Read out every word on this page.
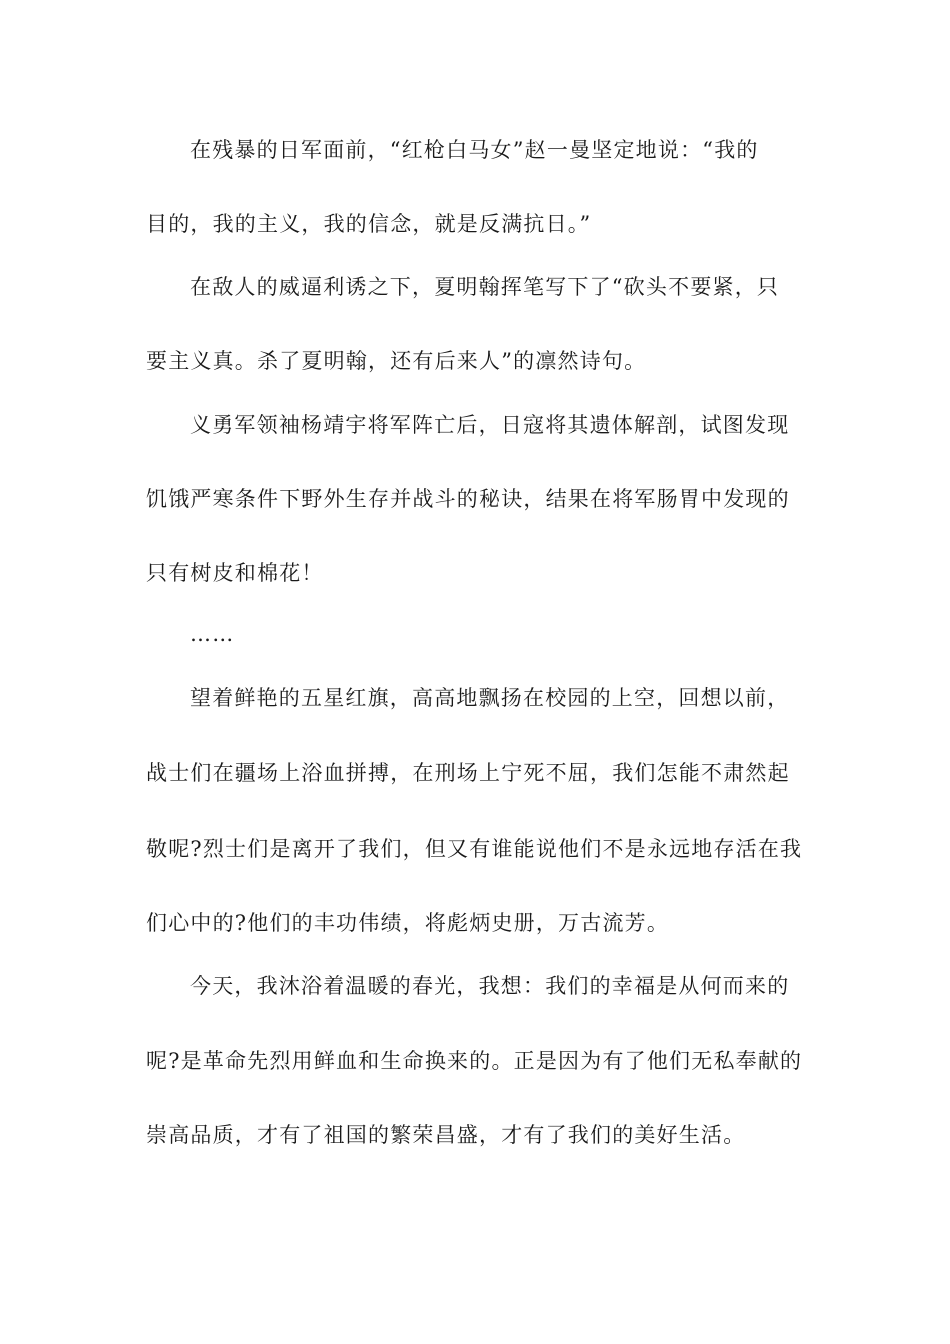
在残暴的日军面前，“红枪白马女”赵一曼坚定地说：“我的
目的，我的主义，我的信念，就是反满抗日。”
在敌人的威逼利诱之下，夏明翰挥笔写下了“砍头不要紧，只
要主义真。杀了夏明翰，还有后来人”的凛然诗句。
义勇军领袖杨靖宇将军阵亡后，日寇将其遗体解剖，试图发现
饥饿严寒条件下野外生存并战斗的秘诀，结果在将军肠胃中发现的
只有树皮和棉花！
……
望着鲜艳的五星红旗，高高地飘扬在校园的上空，回想以前，
战士们在疆场上浴血拼搏，在刑场上宁死不屈，我们怎能不肃然起
敬呢?烈士们是离开了我们，但又有谁能说他们不是永远地存活在我
们心中的?他们的丰功伟绩，将彪炳史册，万古流芳。
今天，我沐浴着温暖的春光，我想：我们的幸福是从何而来的
呢?是革命先烈用鲜血和生命换来的。正是因为有了他们无私奉献的
崇高品质，才有了祖国的繁荣昌盛，才有了我们的美好生活。
